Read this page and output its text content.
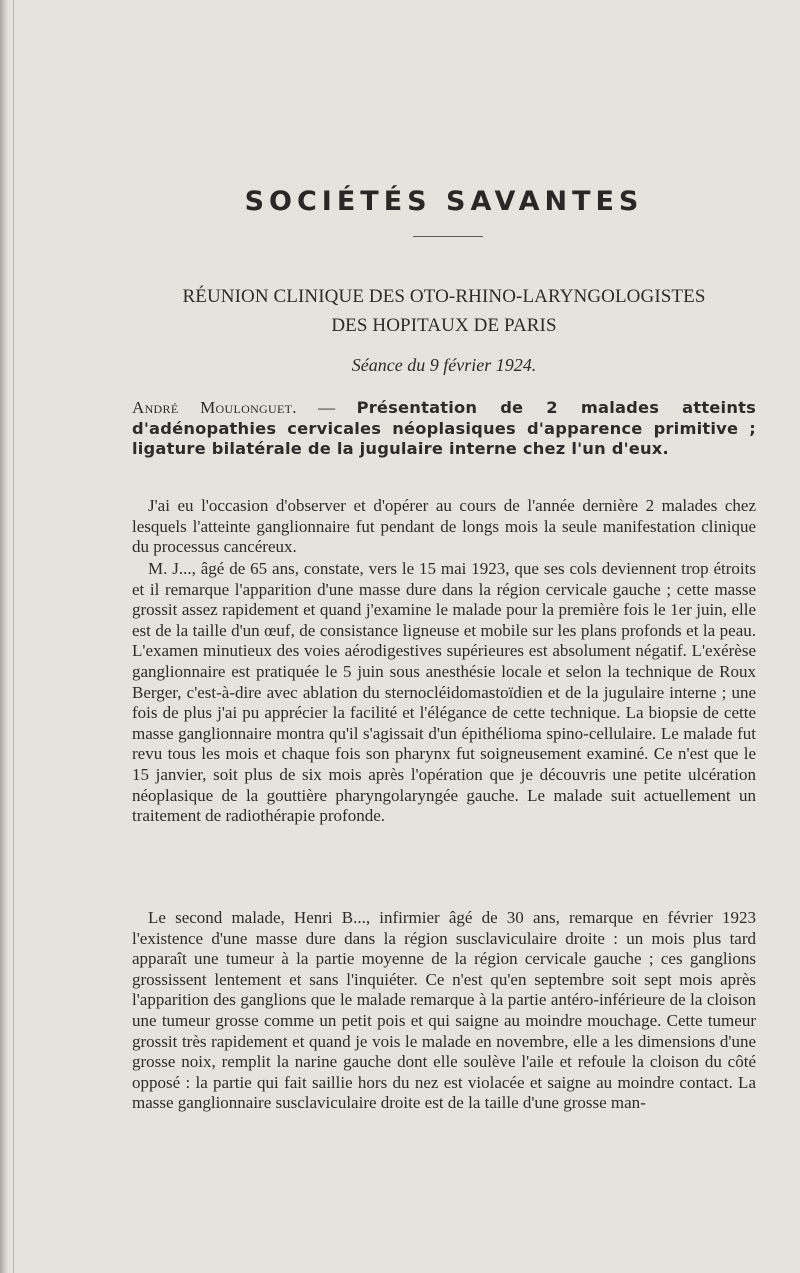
SOCIÉTÉS SAVANTES
RÉUNION CLINIQUE DES OTO-RHINO-LARYNGOLOGISTES
DES HOPITAUX DE PARIS

Séance du 9 février 1924.

André Moulonguet. — Présentation de 2 malades atteints d'adénopathies cervicales néoplasiques d'apparence primitive ; ligature bilatérale de la jugulaire interne chez l'un d'eux.

J'ai eu l'occasion d'observer et d'opérer au cours de l'année dernière 2 malades chez lesquels l'atteinte ganglionnaire fut pendant de longs mois la seule manifestation clinique du processus cancéreux.

M. J..., âgé de 65 ans, constate, vers le 15 mai 1923, que ses cols deviennent trop étroits et il remarque l'apparition d'une masse dure dans la région cervicale gauche ; cette masse grossit assez rapidement et quand j'examine le malade pour la première fois le 1er juin, elle est de la taille d'un œuf, de consistance ligneuse et mobile sur les plans profonds et la peau. L'examen minutieux des voies aérodigestives supérieures est absolument négatif. L'exérèse ganglionnaire est pratiquée le 5 juin sous anesthésie locale et selon la technique de Roux Berger, c'est-à-dire avec ablation du sternocléidomastoïdien et de la jugulaire interne ; une fois de plus j'ai pu apprécier la facilité et l'élégance de cette technique. La biopsie de cette masse ganglionnaire montra qu'il s'agissait d'un épithélioma spino-cellulaire. Le malade fut revu tous les mois et chaque fois son pharynx fut soigneusement examiné. Ce n'est que le 15 janvier, soit plus de six mois après l'opération que je découvris une petite ulcération néoplasique de la gouttière pharyngolaryngée gauche. Le malade suit actuellement un traitement de radiothérapie profonde.

Le second malade, Henri B..., infirmier âgé de 30 ans, remarque en février 1923 l'existence d'une masse dure dans la région susclaviculaire droite : un mois plus tard apparaît une tumeur à la partie moyenne de la région cervicale gauche ; ces ganglions grossissent lentement et sans l'inquiéter. Ce n'est qu'en septembre soit sept mois après l'apparition des ganglions que le malade remarque à la partie antéro-inférieure de la cloison une tumeur grosse comme un petit pois et qui saigne au moindre mouchage. Cette tumeur grossit très rapidement et quand je vois le malade en novembre, elle a les dimensions d'une grosse noix, remplit la narine gauche dont elle soulève l'aile et refoule la cloison du côté opposé : la partie qui fait saillie hors du nez est violacée et saigne au moindre contact. La masse ganglionnaire susclaviculaire droite est de la taille d'une grosse man-
